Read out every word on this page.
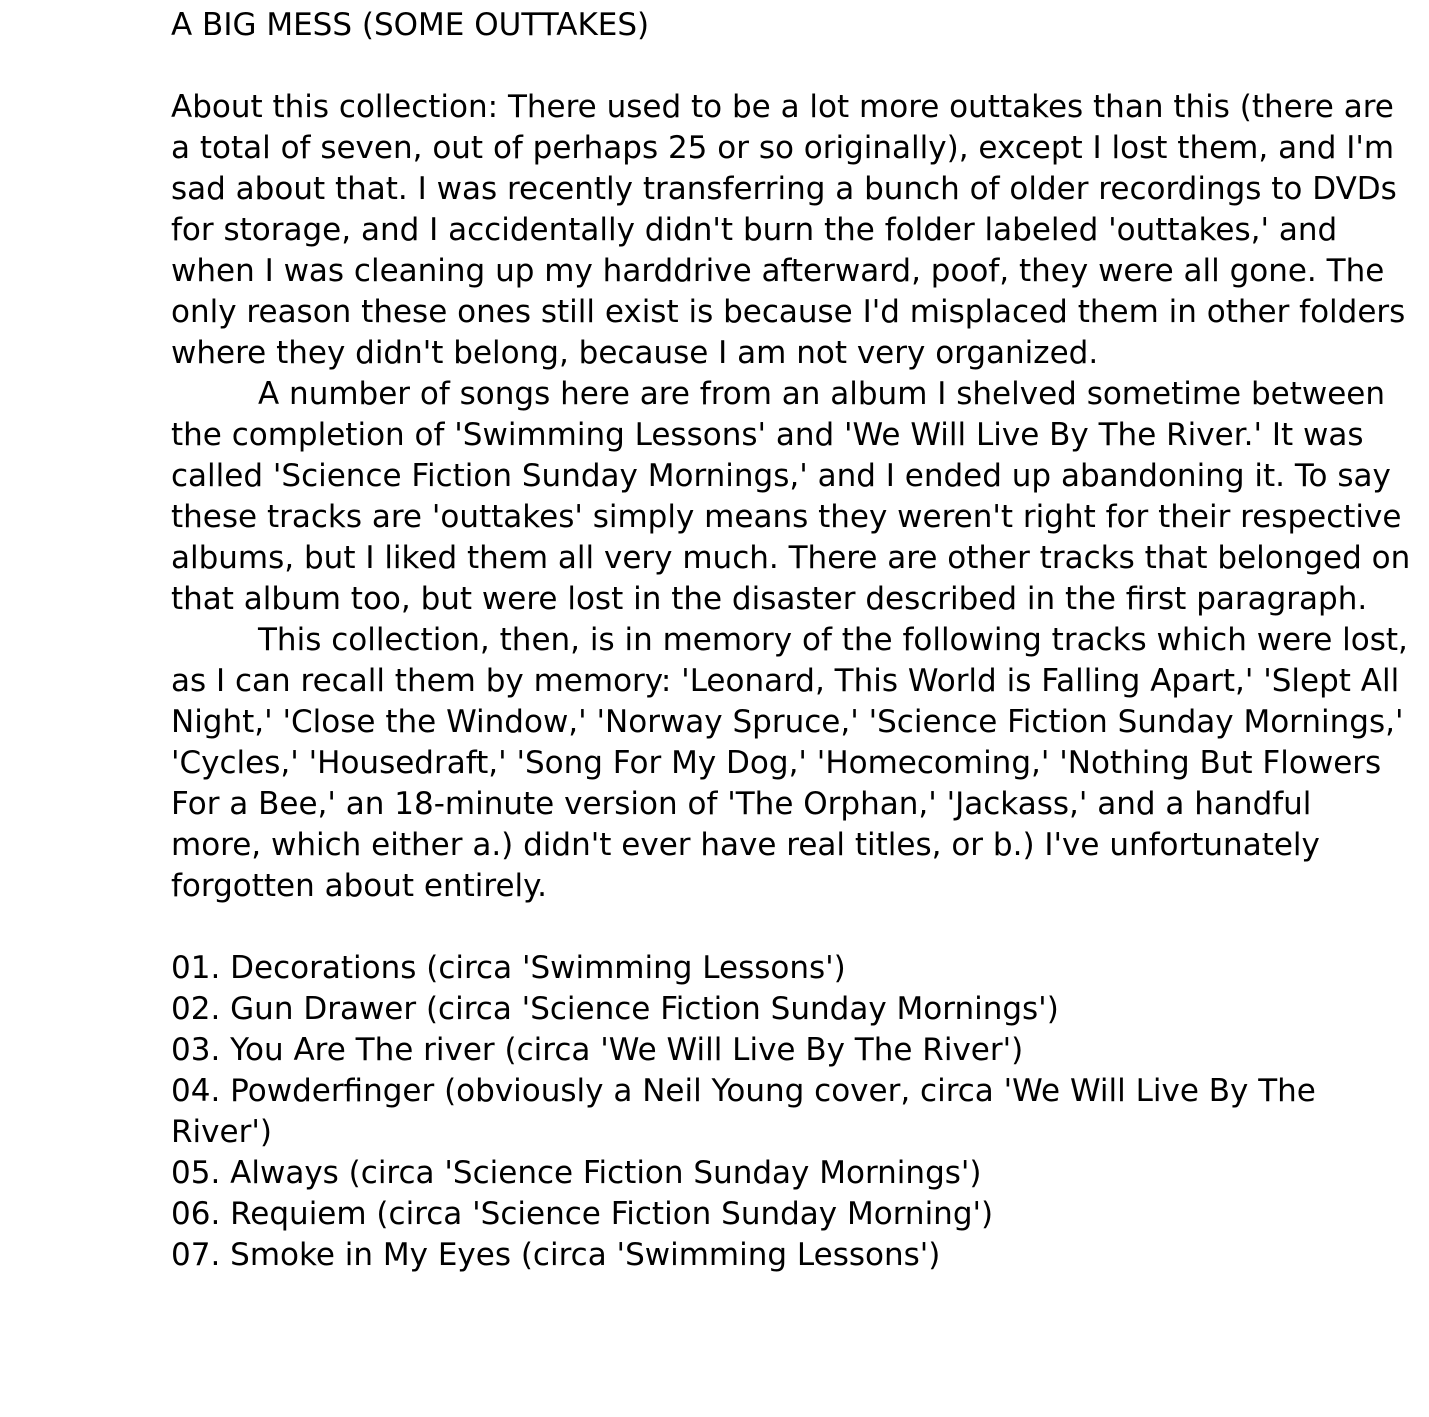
A BIG MESS (SOME OUTTAKES)

About this collection: There used to be a lot more outtakes than this (there are a total of seven, out of perhaps 25 or so originally), except I lost them, and I'm sad about that. I was recently transferring a bunch of older recordings to DVDs for storage, and I accidentally didn't burn the folder labeled 'outtakes,' and when I was cleaning up my harddrive afterward, poof, they were all gone. The only reason these ones still exist is because I'd misplaced them in other folders where they didn't belong, because I am not very organized.

A number of songs here are from an album I shelved sometime between the completion of 'Swimming Lessons' and 'We Will Live By The River.' It was called 'Science Fiction Sunday Mornings,' and I ended up abandoning it. To say these tracks are 'outtakes' simply means they weren't right for their respective albums, but I liked them all very much. There are other tracks that belonged on that album too, but were lost in the disaster described in the first paragraph.

This collection, then, is in memory of the following tracks which were lost, as I can recall them by memory: 'Leonard, This World is Falling Apart,' 'Slept All Night,' 'Close the Window,' 'Norway Spruce,' 'Science Fiction Sunday Mornings,' 'Cycles,' 'Housedraft,' 'Song For My Dog,' 'Homecoming,' 'Nothing But Flowers For a Bee,' an 18-minute version of 'The Orphan,' 'Jackass,' and a handful more, which either a.) didn't ever have real titles, or b.) I've unfortunately forgotten about entirely.

01. Decorations (circa 'Swimming Lessons')
02. Gun Drawer (circa 'Science Fiction Sunday Mornings')
03. You Are The river (circa 'We Will Live By The River')
04. Powderfinger (obviously a Neil Young cover, circa 'We Will Live By The River')
05. Always (circa 'Science Fiction Sunday Mornings')
06. Requiem (circa 'Science Fiction Sunday Morning')
07. Smoke in My Eyes (circa 'Swimming Lessons')
